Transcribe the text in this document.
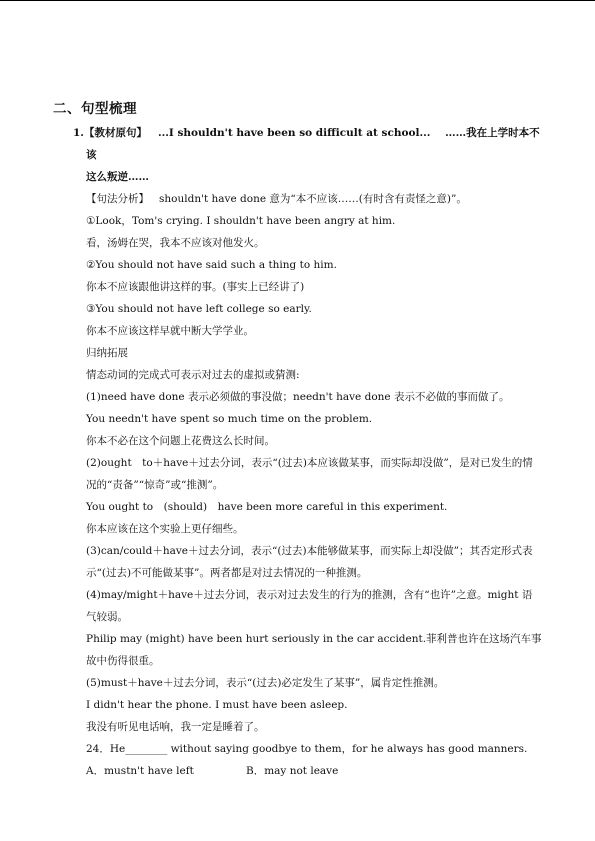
二、句型梳理
1.【教材原句】 ...I shouldn't have been so difficult at school... ……我在上学时本不该
这么叛逆……
【句法分析】 shouldn't have done 意为“本不应该……(有时含有责怪之意)”。
①Look，Tom's crying. I shouldn't have been angry at him.
看，汤姆在哭，我本不应该对他发火。
②You should not have said such a thing to him.
你本不应该跟他讲这样的事。(事实上已经讲了)
③You should not have left college so early.
你本不应该这样早就中断大学学业。
归纳拓展
情态动词的完成式可表示对过去的虚拟或猜测:
(1)need have done 表示必须做的事没做；needn't have done 表示不必做的事而做了。
You needn't have spent so much time on the problem.
你本不必在这个问题上花费这么长时间。
(2)ought　to＋have＋过去分词，表示“(过去)本应该做某事，而实际却没做”，是对已发生的情况的“责备”“惊奇”或“推测”。
You ought to　(should)　have been more careful in this experiment.
你本应该在这个实验上更仔细些。
(3)can/could＋have＋过去分词，表示“(过去)本能够做某事，而实际上却没做”；其否定形式表示“(过去)不可能做某事”。两者都是对过去情况的一种推测。
(4)may/might＋have＋过去分词，表示对过去发生的行为的推测，含有“也许”之意。might 语气较弱。
Philip may (might) have been hurt seriously in the car accident.菲利普也许在这场汽车事故中伤得很重。
(5)must＋have＋过去分词，表示“(过去)必定发生了某事”，属肯定性推测。
I didn't hear the phone. I must have been asleep.
我没有听见电话响，我一定是睡着了。
24．He________ without saying goodbye to them，for he always has good manners.
A．mustn't have left	B．may not leave
